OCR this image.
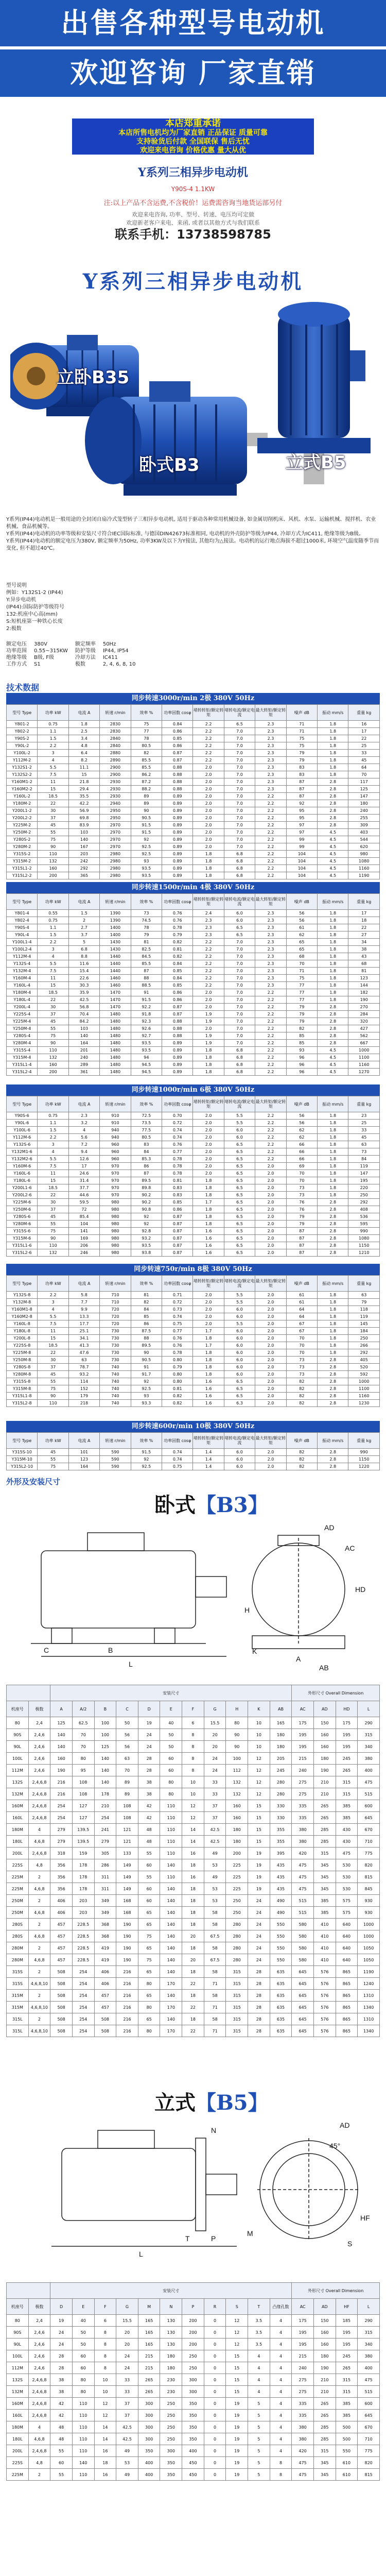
出售各种型号电动机
欢迎咨询 厂家直销
本店郑重承诺
本店所售电机均为厂家直销 正品保证 质量可靠
支持验货后付款 全国联保 售后无忧
欢迎来电咨询 价格优惠 量大从优
Y系列三相异步电动机
Y90S-4 1.1KW
注:以上产品不含运费,不含税价！运费需咨询当地货运部另付
欢迎来电咨询, 功率、型号、转速、电压均可定做
欢迎新老客户来电、来函, 或者以其他方式与我们联系
联系手机：13738598785
Y系列三相异步电动机
立卧B35
卧式B3	立式B5
Y系列(IP44)电动机是一般用途的全封闭自扇冷式笼型转子三相异步电动机, 适用于驱动各种常用机械设备, 如金属切削机床、风机、水泵、运输机械、搅拌机、农业机械、食品机械等。
Y系列(IP44)电动机的功率等级和安装尺寸符合IEC国际标准, 与德国DIN42673标准相同, 电动机的外壳防护等级为IP44, 冷却方式为IC411, 绝缘等级为B级。
Y系列(IP44)电动机的额定电压为380V, 额定频率为50Hz, 功率3KW及以下为Y接法, 其他均为△接法。电动机的运行地点海拔不超过1000米, 环境空气温度随季节而变化, 但不超过40℃。
型号说明
例如：Y132S1-2 (IP44)
Y:异步电动机
(IP44):国际防护等级符号
132:机座中心高(mm)
S:短机座第一种铁心长度
2:极数
额定电压	380V	额定频率	50Hz
功率范围	0.55~315KW	防护等级	IP44, IP54
绝缘等级	B级, F级	冷却方法	IC411
工作方式	S1	极数	2, 4, 6, 8, 10
技术数据
同步转速3000r/min 2极 380V 50Hz
型号 Type	功率 kW	电流 A	转速 r/min	效率 %	功率因数 cosφ	堵转转矩/额定转矩	堵转电流/额定电流	最大转矩/额定转矩	噪声 dB	振动 mm/s	重量 kg
Y801-2	0.75	1.8	2830	75	0.84	2.2	6.5	2.3	71	1.8	16
Y802-2	1.1	2.5	2830	77	0.86	2.2	7.0	2.3	71	1.8	17
Y90S-2	1.5	3.4	2840	78	0.85	2.2	7.0	2.3	75	1.8	22
Y90L-2	2.2	4.8	2840	80.5	0.86	2.2	7.0	2.3	75	1.8	25
Y100L-2	3	6.4	2880	82	0.87	2.2	7.0	2.3	79	1.8	33
Y112M-2	4	8.2	2890	85.5	0.87	2.2	7.0	2.3	79	1.8	45
Y132S1-2	5.5	11.1	2900	85.5	0.88	2.0	7.0	2.3	83	1.8	64
Y132S2-2	7.5	15	2900	86.2	0.88	2.0	7.0	2.3	83	1.8	70
Y160M1-2	11	21.8	2930	87.2	0.88	2.0	7.0	2.3	87	2.8	117
Y160M2-2	15	29.4	2930	88.2	0.88	2.0	7.0	2.3	87	2.8	125
Y160L-2	18.5	35.5	2930	89	0.89	2.0	7.0	2.2	87	2.8	147
Y180M-2	22	42.2	2940	89	0.89	2.0	7.0	2.2	92	2.8	180
Y200L1-2	30	56.9	2950	90	0.89	2.0	7.0	2.2	95	2.8	240
Y200L2-2	37	69.8	2950	90.5	0.89	2.0	7.0	2.2	95	2.8	255
Y225M-2	45	83.9	2970	91.5	0.89	2.0	7.0	2.2	97	2.8	309
Y250M-2	55	103	2970	91.5	0.89	2.0	7.0	2.2	97	4.5	403
Y280S-2	75	140	2970	92	0.89	2.0	7.0	2.2	99	4.5	544
Y280M-2	90	167	2970	92.5	0.89	2.0	7.0	2.2	99	4.5	620
Y315S-2	110	203	2980	92.5	0.89	1.8	6.8	2.2	104	4.5	980
Y315M-2	132	242	2980	93	0.89	1.8	6.8	2.2	104	4.5	1080
Y315L1-2	160	292	2980	93.5	0.89	1.8	6.8	2.2	104	4.5	1160
Y315L2-2	200	365	2980	93.5	0.89	1.8	6.8	2.2	104	4.5	1190
同步转速1500r/min 4极 380V 50Hz
型号 Type	功率 kW	电流 A	转速 r/min	效率 %	功率因数 cosφ	堵转转矩/额定转矩	堵转电流/额定电流	最大转矩/额定转矩	噪声 dB	振动 mm/s	重量 kg
Y801-4	0.55	1.5	1390	73	0.76	2.4	6.0	2.3	56	1.8	17
Y802-4	0.75	2	1390	74.5	0.76	2.3	6.0	2.3	56	1.8	18
Y90S-4	1.1	2.7	1400	78	0.78	2.3	6.5	2.3	61	1.8	22
Y90L-4	1.5	3.7	1400	79	0.79	2.3	6.5	2.3	62	1.8	27
Y100L1-4	2.2	5	1430	81	0.82	2.2	7.0	2.3	65	1.8	34
Y100L2-4	3	6.8	1430	82.5	0.81	2.2	7.0	2.3	65	1.8	38
Y112M-4	4	8.8	1440	84.5	0.82	2.2	7.0	2.3	68	1.8	43
Y132S-4	5.5	11.6	1440	85.5	0.84	2.2	7.0	2.3	70	1.8	68
Y132M-4	7.5	15.4	1440	87	0.85	2.2	7.0	2.3	71	1.8	81
Y160M-4	11	22.6	1460	88	0.84	2.2	7.0	2.3	75	1.8	123
Y160L-4	15	30.3	1460	88.5	0.85	2.2	7.0	2.3	77	1.8	144
Y180M-4	18.5	35.9	1470	91	0.86	2.0	7.0	2.2	77	1.8	182
Y180L-4	22	42.5	1470	91.5	0.86	2.0	7.0	2.2	77	1.8	190
Y200L-4	30	56.8	1470	92.2	0.87	2.0	7.0	2.2	79	2.8	270
Y225S-4	37	70.4	1480	91.8	0.87	1.9	7.0	2.2	79	2.8	284
Y225M-4	45	84.2	1480	92.3	0.88	1.9	7.0	2.2	79	2.8	320
Y250M-4	55	103	1480	92.6	0.88	2.0	7.0	2.2	82	2.8	427
Y280S-4	75	140	1480	92.7	0.88	1.9	7.0	2.2	85	2.8	562
Y280M-4	90	164	1480	93.5	0.89	1.9	7.0	2.2	85	2.8	667
Y315S-4	110	201	1480	93.5	0.89	1.8	6.8	2.2	93	4.5	1000
Y315M-4	132	240	1480	94	0.89	1.8	6.8	2.2	96	4.5	1100
Y315L1-4	160	289	1480	94.5	0.89	1.8	6.8	2.2	96	4.5	1160
Y315L2-4	200	361	1480	94.5	0.89	1.8	6.8	2.2	96	4.5	1270
同步转速1000r/min 6极 380V 50Hz
型号 Type	功率 kW	电流 A	转速 r/min	效率 %	功率因数 cosφ	堵转转矩/额定转矩	堵转电流/额定电流	最大转矩/额定转矩	噪声 dB	振动 mm/s	重量 kg
Y90S-6	0.75	2.3	910	72.5	0.70	2.0	5.5	2.2	56	1.8	23
Y90L-6	1.1	3.2	910	73.5	0.72	2.0	5.5	2.2	56	1.8	25
Y100L-6	1.5	4	940	77.5	0.74	2.0	6.0	2.2	62	1.8	33
Y112M-6	2.2	5.6	940	80.5	0.74	2.0	6.0	2.2	62	1.8	45
Y132S-6	3	7.2	960	83	0.76	2.0	6.5	2.2	66	1.8	63
Y132M1-6	4	9.4	960	84	0.77	2.0	6.5	2.2	66	1.8	73
Y132M2-6	5.5	12.6	960	85.3	0.78	2.0	6.5	2.2	66	1.8	84
Y160M-6	7.5	17	970	86	0.78	2.0	6.5	2.0	69	1.8	119
Y160L-6	11	24.6	970	87	0.78	2.0	6.5	2.0	70	1.8	147
Y180L-6	15	31.4	970	89.5	0.81	1.8	6.5	2.0	70	1.8	195
Y200L1-6	18.5	37.7	970	89.8	0.83	1.8	6.5	2.0	73	1.8	220
Y200L2-6	22	44.6	970	90.2	0.83	1.8	6.5	2.0	73	1.8	250
Y225M-6	30	59.5	980	90.2	0.85	1.7	6.5	2.0	76	2.8	292
Y250M-6	37	72	980	90.8	0.86	1.8	6.5	2.0	76	2.8	408
Y280S-6	45	85.4	980	92	0.87	1.8	6.5	2.0	79	2.8	536
Y280M-6	55	104	980	92	0.87	1.8	6.5	2.0	79	2.8	595
Y315S-6	75	141	980	92.8	0.87	1.6	6.5	2.0	87	2.8	990
Y315M-6	90	169	980	93.2	0.87	1.6	6.5	2.0	87	2.8	1080
Y315L1-6	110	206	980	93.5	0.87	1.6	6.5	2.0	87	2.8	1150
Y315L2-6	132	246	980	93.8	0.87	1.6	6.5	2.0	87	2.8	1210
同步转速750r/min 8极 380V 50Hz
型号 Type	功率 kW	电流 A	转速 r/min	效率 %	功率因数 cosφ	堵转转矩/额定转矩	堵转电流/额定电流	最大转矩/额定转矩	噪声 dB	振动 mm/s	重量 kg
Y132S-8	2.2	5.8	710	81	0.71	2.0	5.5	2.0	61	1.8	63
Y132M-8	3	7.7	710	82	0.72	2.0	5.5	2.0	61	1.8	79
Y160M1-8	4	9.9	720	84	0.73	2.0	6.0	2.0	64	1.8	118
Y160M2-8	5.5	13.3	720	85	0.74	2.0	6.0	2.0	64	1.8	119
Y160L-8	7.5	17.7	720	86	0.75	2.0	5.5	2.0	67	1.8	145
Y180L-8	11	25.1	730	87.5	0.77	1.7	6.0	2.0	67	1.8	184
Y200L-8	15	34.1	730	88	0.76	1.8	6.0	2.0	70	1.8	250
Y225S-8	18.5	41.3	730	89.5	0.76	1.7	6.0	2.0	70	1.8	266
Y225M-8	22	47.6	730	90	0.78	1.8	6.0	2.0	70	1.8	292
Y250M-8	30	63	730	90.5	0.80	1.8	6.0	2.0	73	2.8	405
Y280S-8	37	78.7	740	91	0.79	1.8	6.0	2.0	73	2.8	520
Y280M-8	45	93.2	740	91.7	0.80	1.8	6.0	2.0	73	2.8	592
Y315S-8	55	114	740	92	0.80	1.6	6.5	2.0	82	2.8	1000
Y315M-8	75	152	740	92.5	0.81	1.6	6.5	2.0	82	2.8	1100
Y315L1-8	90	179	740	93	0.82	1.6	6.5	2.0	82	2.8	1160
Y315L2-8	110	218	740	93.3	0.82	1.6	6.3	2.0	82	2.8	1230
同步转速600r/min 10极 380V 50Hz
型号 Type	功率 kW	电流 A	转速 r/min	效率 %	功率因数 cosφ	堵转转矩/额定转矩	堵转电流/额定电流	最大转矩/额定转矩	噪声 dB	振动 mm/s	重量 kg
Y315S-10	45	101	590	91.5	0.74	1.4	6.0	2.0	82	2.8	990
Y315M-10	55	123	590	92	0.74	1.4	6.0	2.0	82	2.8	1150
Y315L2-10	75	164	590	92.5	0.75	1.4	6.0	2.0	82	2.8	1220
外形及安装尺寸
卧式【B3】
L
AD
HD
H
A
B
C
AB
AC
K
		安装尺寸											外形尺寸 Overall Dimension			
机座号	极数	A	A/2	B	C	D	E	F	G	H	K	AB	AC	AD	HD	L
80	2,4	125	62.5	100	50	19	40	6	15.5	80	10	165	175	150	175	290
90S	2,4,6	140	70	100	56	24	50	8	20	90	10	180	195	160	195	315
90L	2,4,6	140	70	125	56	24	50	8	20	90	10	180	195	160	195	340
100L	2,4,6	160	80	140	63	28	60	8	24	100	12	205	215	180	245	380
112M	2,4,6	190	95	140	70	28	60	8	24	112	12	245	240	190	265	400
132S	2,4,6,8	216	108	140	89	38	80	10	33	132	12	280	275	210	315	475
132M	2,4,6,8	216	108	178	89	38	80	10	33	132	12	280	275	210	315	515
160M	2,4,6,8	254	127	210	108	42	110	12	37	160	15	330	335	265	385	600
160L	2,4,6,8	254	127	254	108	42	110	12	37	160	15	330	335	265	385	645
180M	4	279	139.5	241	121	48	110	14	42.5	180	15	355	380	285	430	670
180L	4,6,8	279	139.5	279	121	48	110	14	42.5	180	15	355	380	285	430	710
200L	2,4,6,8	318	159	305	133	55	110	16	49	200	19	395	420	315	475	775
225S	4,8	356	178	286	149	60	140	18	53	225	19	435	475	345	530	820
225M	2	356	178	311	149	55	110	16	49	225	19	435	475	345	530	815
225M	4,6,8	356	178	311	149	60	140	18	53	225	19	435	475	345	530	845
250M	2	406	203	349	168	60	140	18	53	250	24	490	515	385	575	930
250M	4,6,8	406	203	349	168	65	140	18	58	250	24	490	515	385	575	930
280S	2	457	228.5	368	190	65	140	18	58	280	24	550	580	410	640	1000
280S	4,6,8	457	228.5	368	190	75	140	20	67.5	280	24	550	580	410	640	1000
280M	2	457	228.5	419	190	65	140	18	58	280	24	550	580	410	640	1050
280M	4,6,8	457	228.5	419	190	75	140	20	67.5	280	24	550	580	410	640	1050
315S	2	508	254	406	216	65	140	18	58	315	28	635	645	576	865	1190
315S	4,6,8,10	508	254	406	216	80	170	22	71	315	28	635	645	576	865	1240
315M	2	508	254	457	216	65	140	18	58	315	28	635	645	576	865	1310
315M	4,6,8,10	508	254	457	216	80	170	22	71	315	28	635	645	576	865	1340
315L	2	508	254	508	216	65	140	18	58	315	28	635	645	576	865	1310
315L	4,6,8,10	508	254	508	216	80	170	22	71	315	28	635	645	576	865	1340
立式【B5】
L
AD
HF
M
N
P
S
T
45°
		安装尺寸											外形尺寸 Overall Dimension			
机座号	极数	D	E	F	G	M	N	P	R	S	T	凸缘孔数	AC	AD	HF	L
80	2,4	19	40	6	15.5	165	130	200	0	12	3.5	4	175	150	185	290
90S	2,4,6	24	50	8	20	165	130	200	0	12	3.5	4	195	160	195	315
90L	2,4,6	24	50	8	20	165	130	200	0	12	3.5	4	195	160	195	340
100L	2,4,6	28	60	8	24	215	180	250	0	15	4	4	215	180	245	380
112M	2,4,6	28	60	8	24	215	180	250	0	15	4	4	240	190	265	400
132S	2,4,6,8	38	80	10	33	265	230	300	0	15	4	4	275	210	315	475
132M	2,4,6,8	38	80	10	33	265	230	300	0	15	4	4	275	210	315	515
160M	2,4,6,8	42	110	12	37	300	250	350	0	19	5	4	335	265	385	600
160L	2,4,6,8	42	110	12	37	300	250	350	0	19	5	4	335	265	385	645
180M	4	48	110	14	42.5	300	250	350	0	19	5	4	380	285	500	670
180L	4,6,8	48	110	14	42.5	300	250	350	0	19	5	4	380	285	500	710
200L	2,4,6,8	55	110	16	49	350	300	400	0	19	5	4	420	315	550	775
225S	4,8	60	140	18	53	400	350	450	0	19	5	8	475	345	610	820
225M	2	55	110	16	49	400	350	450	0	19	5	8	475	345	610	815
